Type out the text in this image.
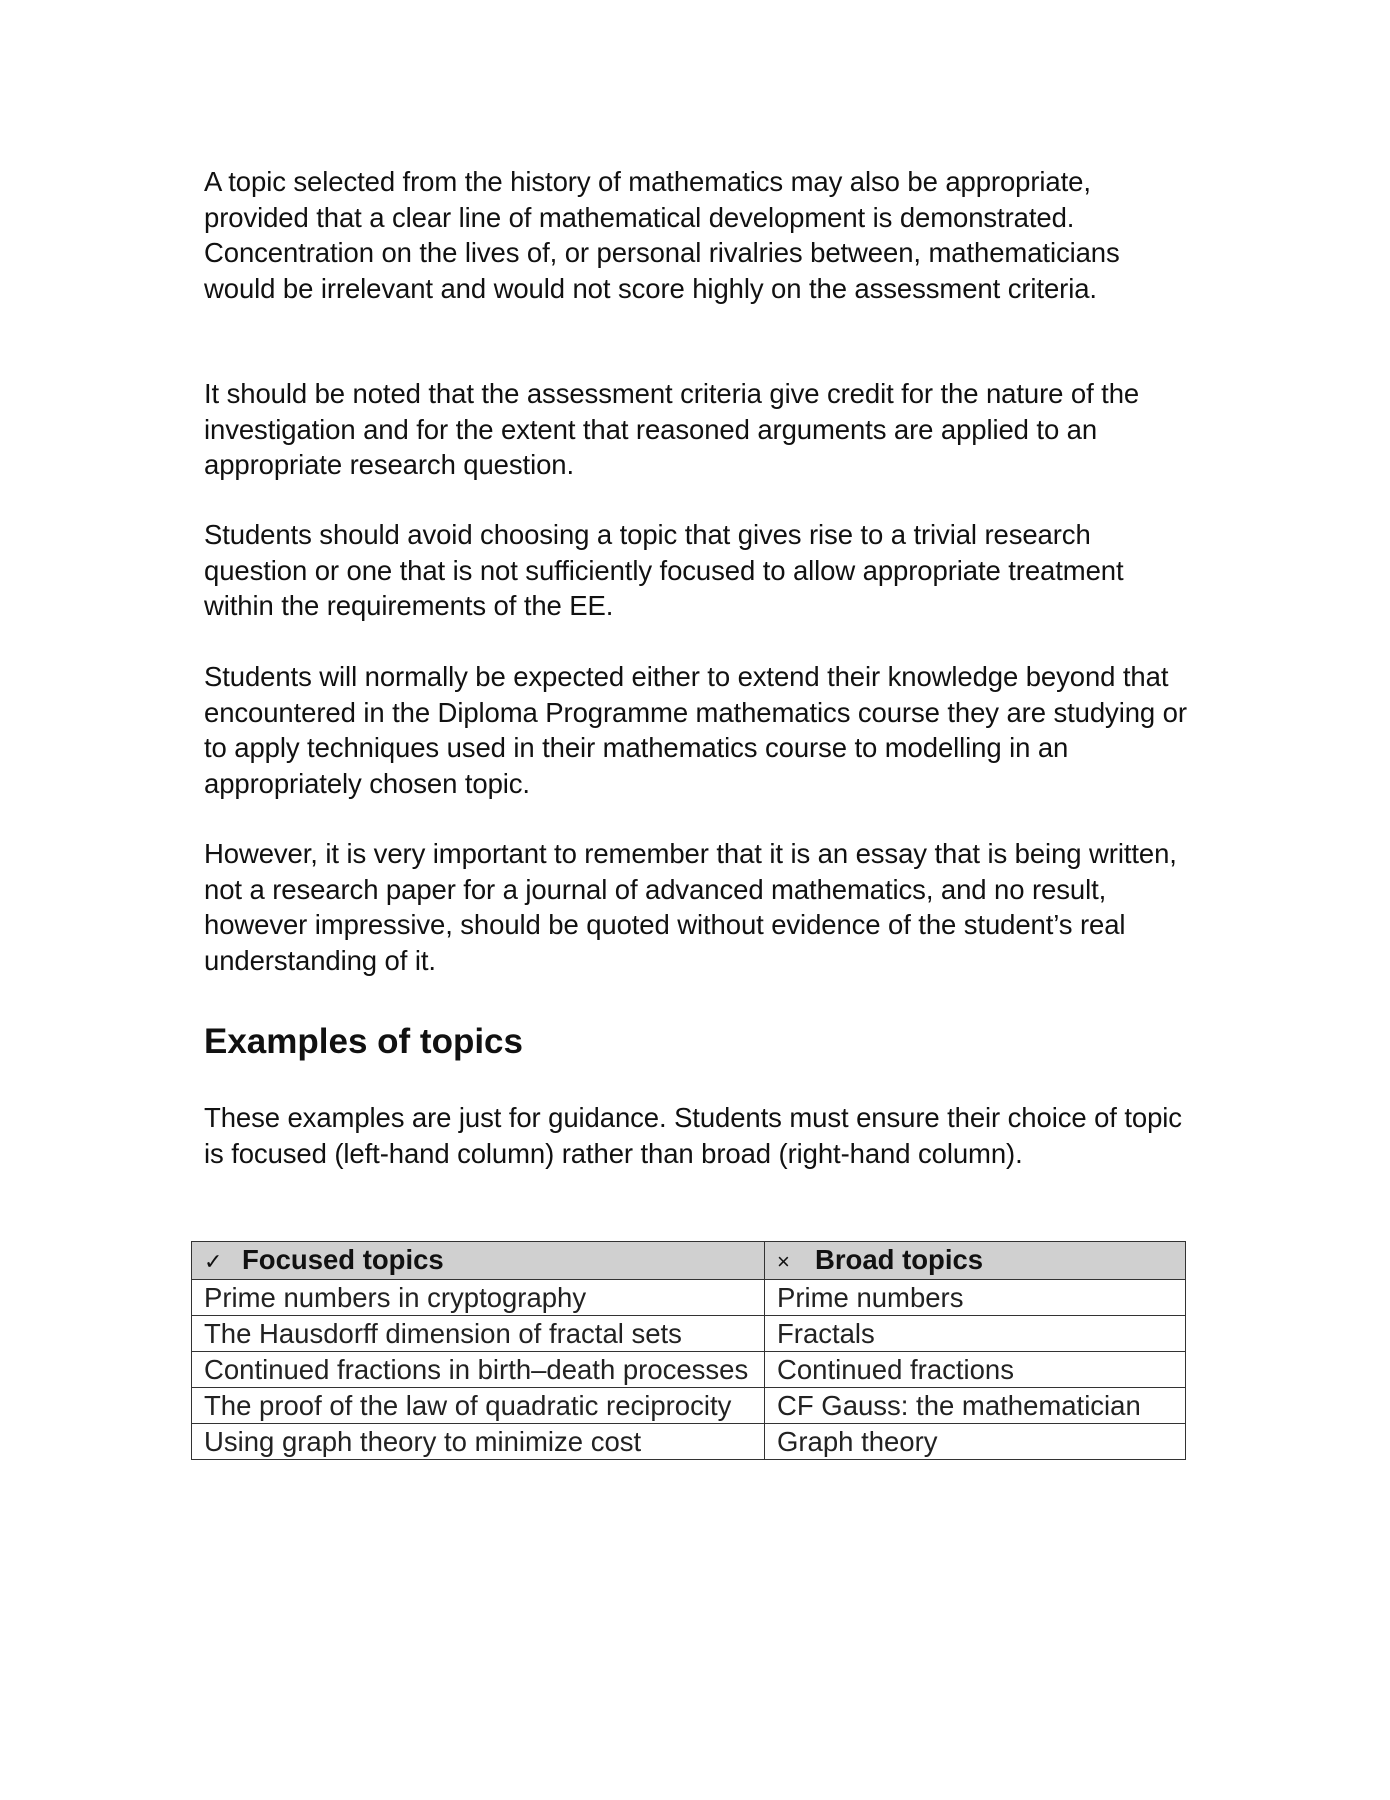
A topic selected from the history of mathematics may also be appropriate, provided that a clear line of mathematical development is demonstrated. Concentration on the lives of, or personal rivalries between, mathematicians would be irrelevant and would not score highly on the assessment criteria.

It should be noted that the assessment criteria give credit for the nature of the investigation and for the extent that reasoned arguments are applied to an appropriate research question.

Students should avoid choosing a topic that gives rise to a trivial research question or one that is not sufficiently focused to allow appropriate treatment within the requirements of the EE.

Students will normally be expected either to extend their knowledge beyond that encountered in the Diploma Programme mathematics course they are studying or to apply techniques used in their mathematics course to modelling in an appropriately chosen topic.

However, it is very important to remember that it is an essay that is being written, not a research paper for a journal of advanced mathematics, and no result, however impressive, should be quoted without evidence of the student’s real understanding of it.

Examples of topics

These examples are just for guidance. Students must ensure their choice of topic is focused (left-hand column) rather than broad (right-hand column).

✓ Focused topics	× Broad topics
Prime numbers in cryptography	Prime numbers
The Hausdorff dimension of fractal sets	Fractals
Continued fractions in birth–death processes	Continued fractions
The proof of the law of quadratic reciprocity	CF Gauss: the mathematician
Using graph theory to minimize cost	Graph theory
